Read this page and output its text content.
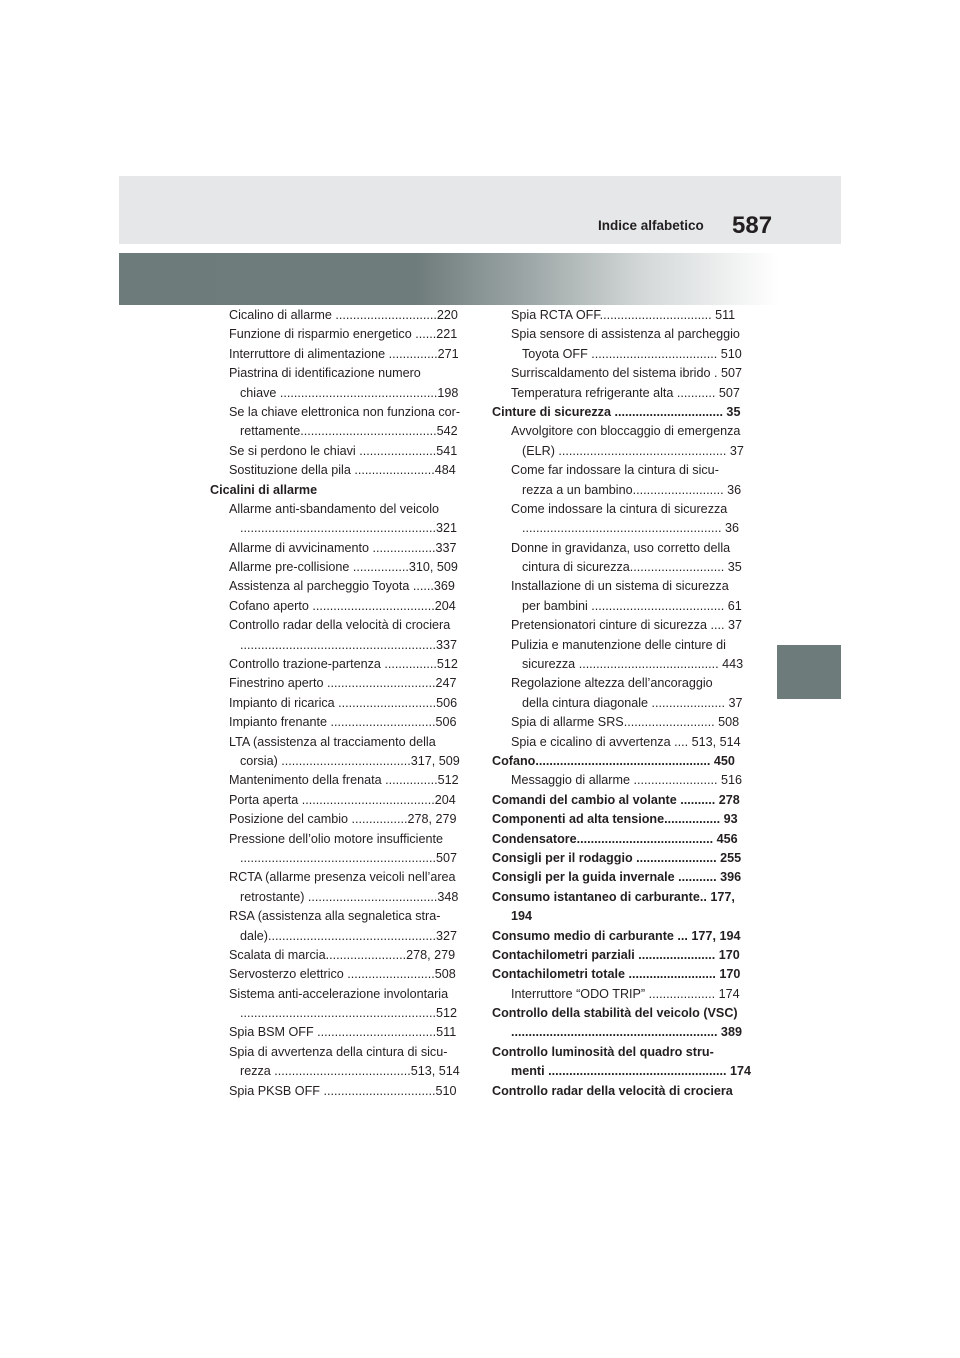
Indice alfabetico 587
Cicalino di allarme .............................220
Funzione di risparmio energetico ......221
Interruttore di alimentazione ..............271
Piastrina di identificazione numero
chiave .............................................198
Se la chiave elettronica non funziona cor-
rettamente.......................................542
Se si perdono le chiavi ......................541
Sostituzione della pila .......................484
Cicalini di allarme
Allarme anti-sbandamento del veicolo
........................................................321
Allarme di avvicinamento ..................337
Allarme pre-collisione ................310, 509
Assistenza al parcheggio Toyota ......369
Cofano aperto ...................................204
Controllo radar della velocità di crociera
........................................................337
Controllo trazione-partenza ...............512
Finestrino aperto ...............................247
Impianto di ricarica ............................506
Impianto frenante ..............................506
LTA (assistenza al tracciamento della
corsia) .....................................317, 509
Mantenimento della frenata ...............512
Porta aperta ......................................204
Posizione del cambio ................278, 279
Pressione dell’olio motore insufficiente
........................................................507
RCTA (allarme presenza veicoli nell’area
retrostante) .....................................348
RSA (assistenza alla segnaletica stra-
dale)................................................327
Scalata di marcia.......................278, 279
Servosterzo elettrico .........................508
Sistema anti-accelerazione involontaria
........................................................512
Spia BSM OFF ..................................511
Spia di avvertenza della cintura di sicu-
rezza .......................................513, 514
Spia PKSB OFF ................................510
Spia RCTA OFF................................ 511
Spia sensore di assistenza al parcheggio
Toyota OFF .................................... 510
Surriscaldamento del sistema ibrido . 507
Temperatura refrigerante alta ........... 507
Cinture di sicurezza ............................... 35
Avvolgitore con bloccaggio di emergenza
(ELR) ................................................ 37
Come far indossare la cintura di sicu-
rezza a un bambino.......................... 36
Come indossare la cintura di sicurezza
......................................................... 36
Donne in gravidanza, uso corretto della
cintura di sicurezza........................... 35
Installazione di un sistema di sicurezza
per bambini ...................................... 61
Pretensionatori cinture di sicurezza .... 37
Pulizia e manutenzione delle cinture di
sicurezza ........................................ 443
Regolazione altezza dell’ancoraggio
della cintura diagonale ..................... 37
Spia di allarme SRS.......................... 508
Spia e cicalino di avvertenza .... 513, 514
Cofano.................................................. 450
Messaggio di allarme ........................ 516
Comandi del cambio al volante .......... 278
Componenti ad alta tensione................ 93
Condensatore....................................... 456
Consigli per il rodaggio ....................... 255
Consigli per la guida invernale ........... 396
Consumo istantaneo di carburante.. 177,
194
Consumo medio di carburante ... 177, 194
Contachilometri parziali ...................... 170
Contachilometri totale ......................... 170
Interruttore “ODO TRIP” ................... 174
Controllo della stabilità del veicolo (VSC)
........................................................... 389
Controllo luminosità del quadro stru-
menti ................................................... 174
Controllo radar della velocità di crociera
